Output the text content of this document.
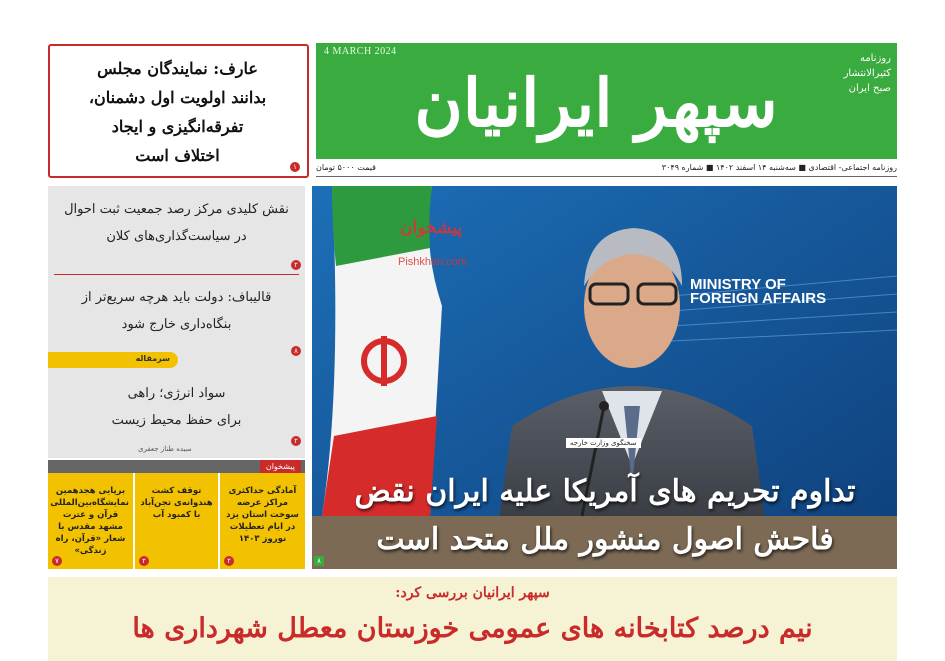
4 MARCH 2024
سپهر ایرانیان
روزنامه
کثیرالانتشار
صبح ایران
قیمت ۵۰۰۰ تومان	روزنامه اجتماعی- اقتصادی ■ سه‌شنبه ۱۴ اسفند ۱۴۰۲ ■ شماره ۳۰۴۹
عارف: نمایندگان مجلس
بدانند اولویت اول دشمنان،
تفرقه‌انگیزی و ایجاد
اختلاف است
۱
نقش کلیدی مرکز رصد جمعیت ثبت احوال
در سیاست‌گذاری‌های کلان
۲
قالیباف: دولت باید هرچه سریع‌تر از
بنگاه‌داری خارج شود
۸
سواد انرژی؛ راهی
برای حفظ محیط زیست
۲
سیده طناز جعفری
سرمقاله
پیشخوان
آمادگی حداکثری مراکز عرضه سوخت استان یزد در ایام تعطیلات نوروز ۱۴۰۳
۲
توقف کشت هندوانه‌ی تجن‌آباد با کمبود آب
۲
برپایی هجدهمین نمایشگاه‌بین‌المللی قرآن و عترت مشهد مقدس با شعار «قرآن، راه زندگی»
۷
پیشخوان
Pishkhan.com
MINISTRY OF
FOREIGN AFFAIRS
سخنگوی وزارت خارجه
تداوم تحریم های آمریکا علیه ایران نقض
فاحش اصول منشور ملل متحد است
۸
سپهر ایرانیان بررسی کرد:
نیم درصد کتابخانه های عمومی خوزستان معطل شهرداری ها
